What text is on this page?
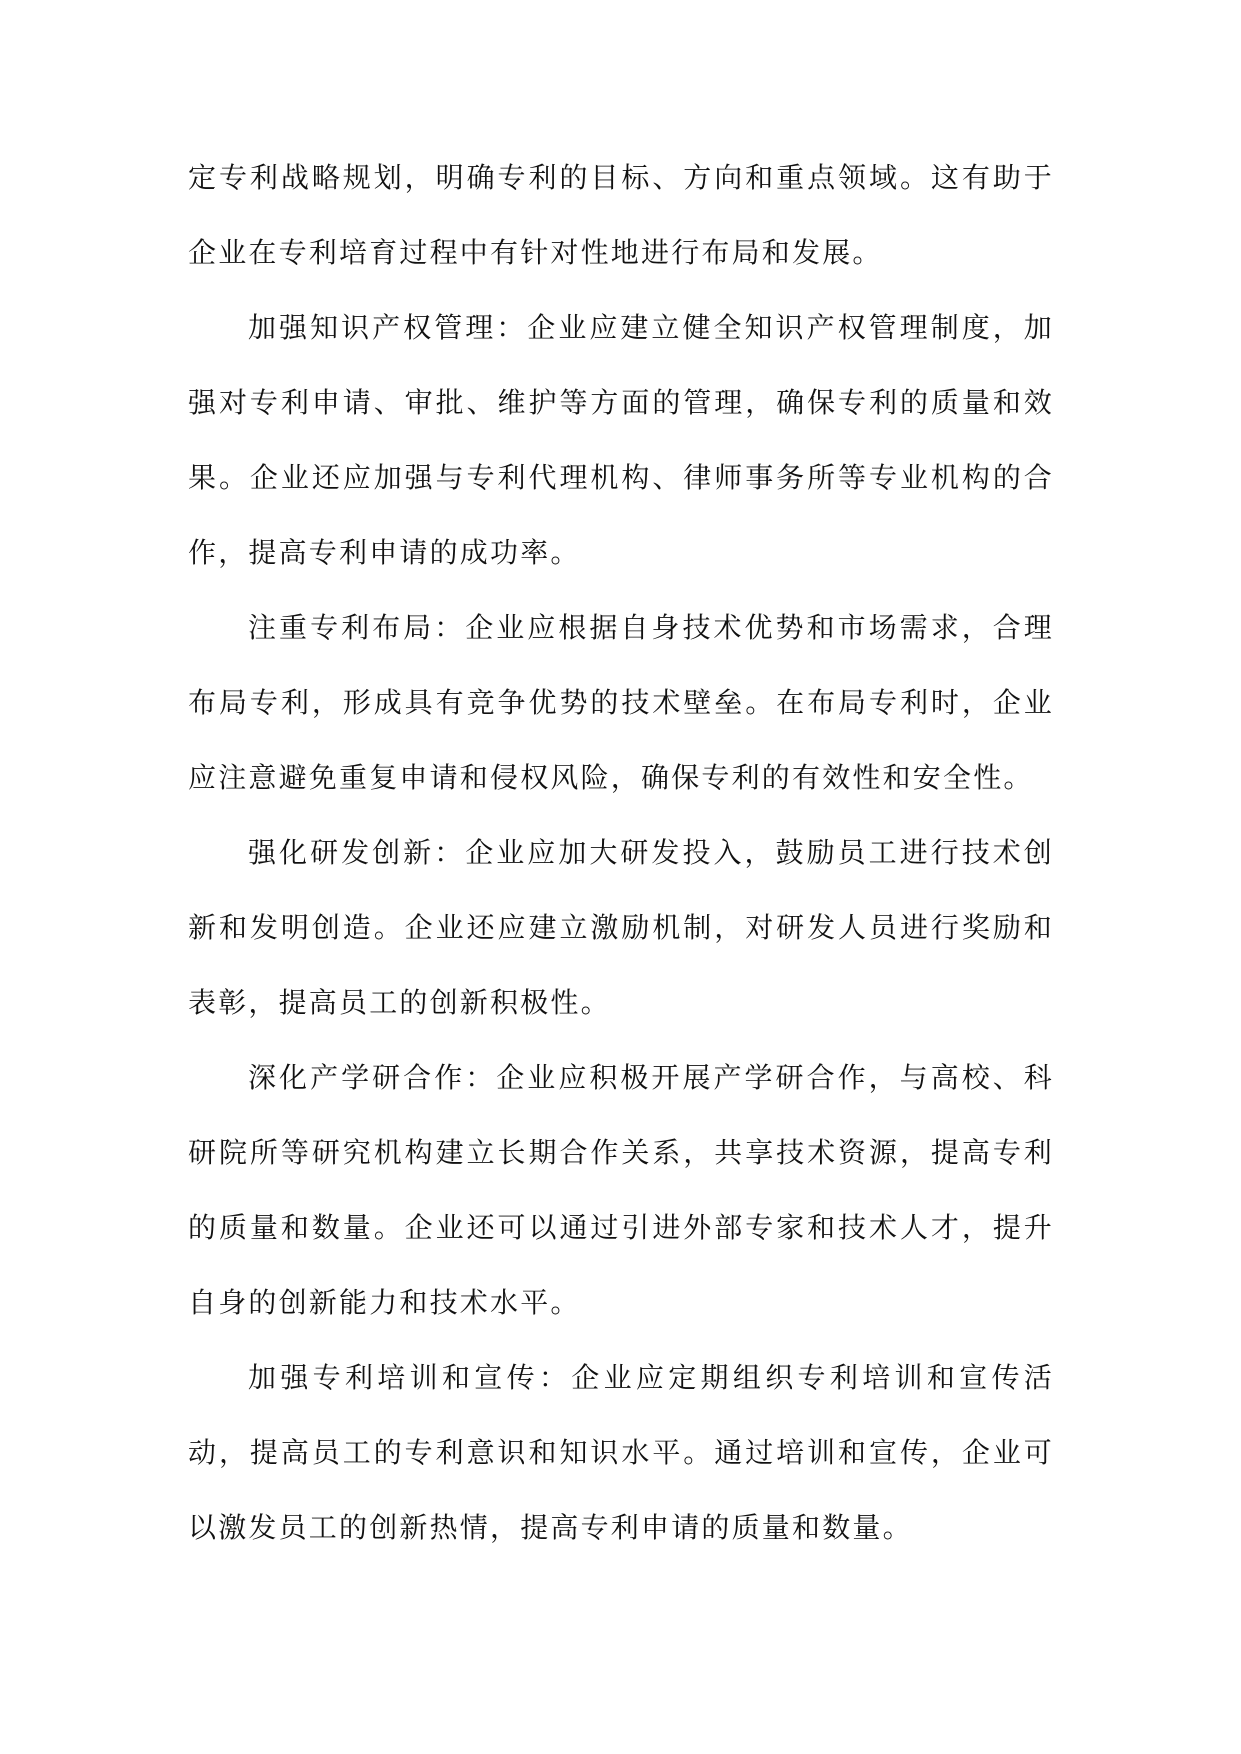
定专利战略规划，明确专利的目标、方向和重点领域。这有助于企业在专利培育过程中有针对性地进行布局和发展。

加强知识产权管理：企业应建立健全知识产权管理制度，加强对专利申请、审批、维护等方面的管理，确保专利的质量和效果。企业还应加强与专利代理机构、律师事务所等专业机构的合作，提高专利申请的成功率。

注重专利布局：企业应根据自身技术优势和市场需求，合理布局专利，形成具有竞争优势的技术壁垒。在布局专利时，企业应注意避免重复申请和侵权风险，确保专利的有效性和安全性。

强化研发创新：企业应加大研发投入，鼓励员工进行技术创新和发明创造。企业还应建立激励机制，对研发人员进行奖励和表彰，提高员工的创新积极性。

深化产学研合作：企业应积极开展产学研合作，与高校、科研院所等研究机构建立长期合作关系，共享技术资源，提高专利的质量和数量。企业还可以通过引进外部专家和技术人才，提升自身的创新能力和技术水平。

加强专利培训和宣传：企业应定期组织专利培训和宣传活动，提高员工的专利意识和知识水平。通过培训和宣传，企业可以激发员工的创新热情，提高专利申请的质量和数量。
